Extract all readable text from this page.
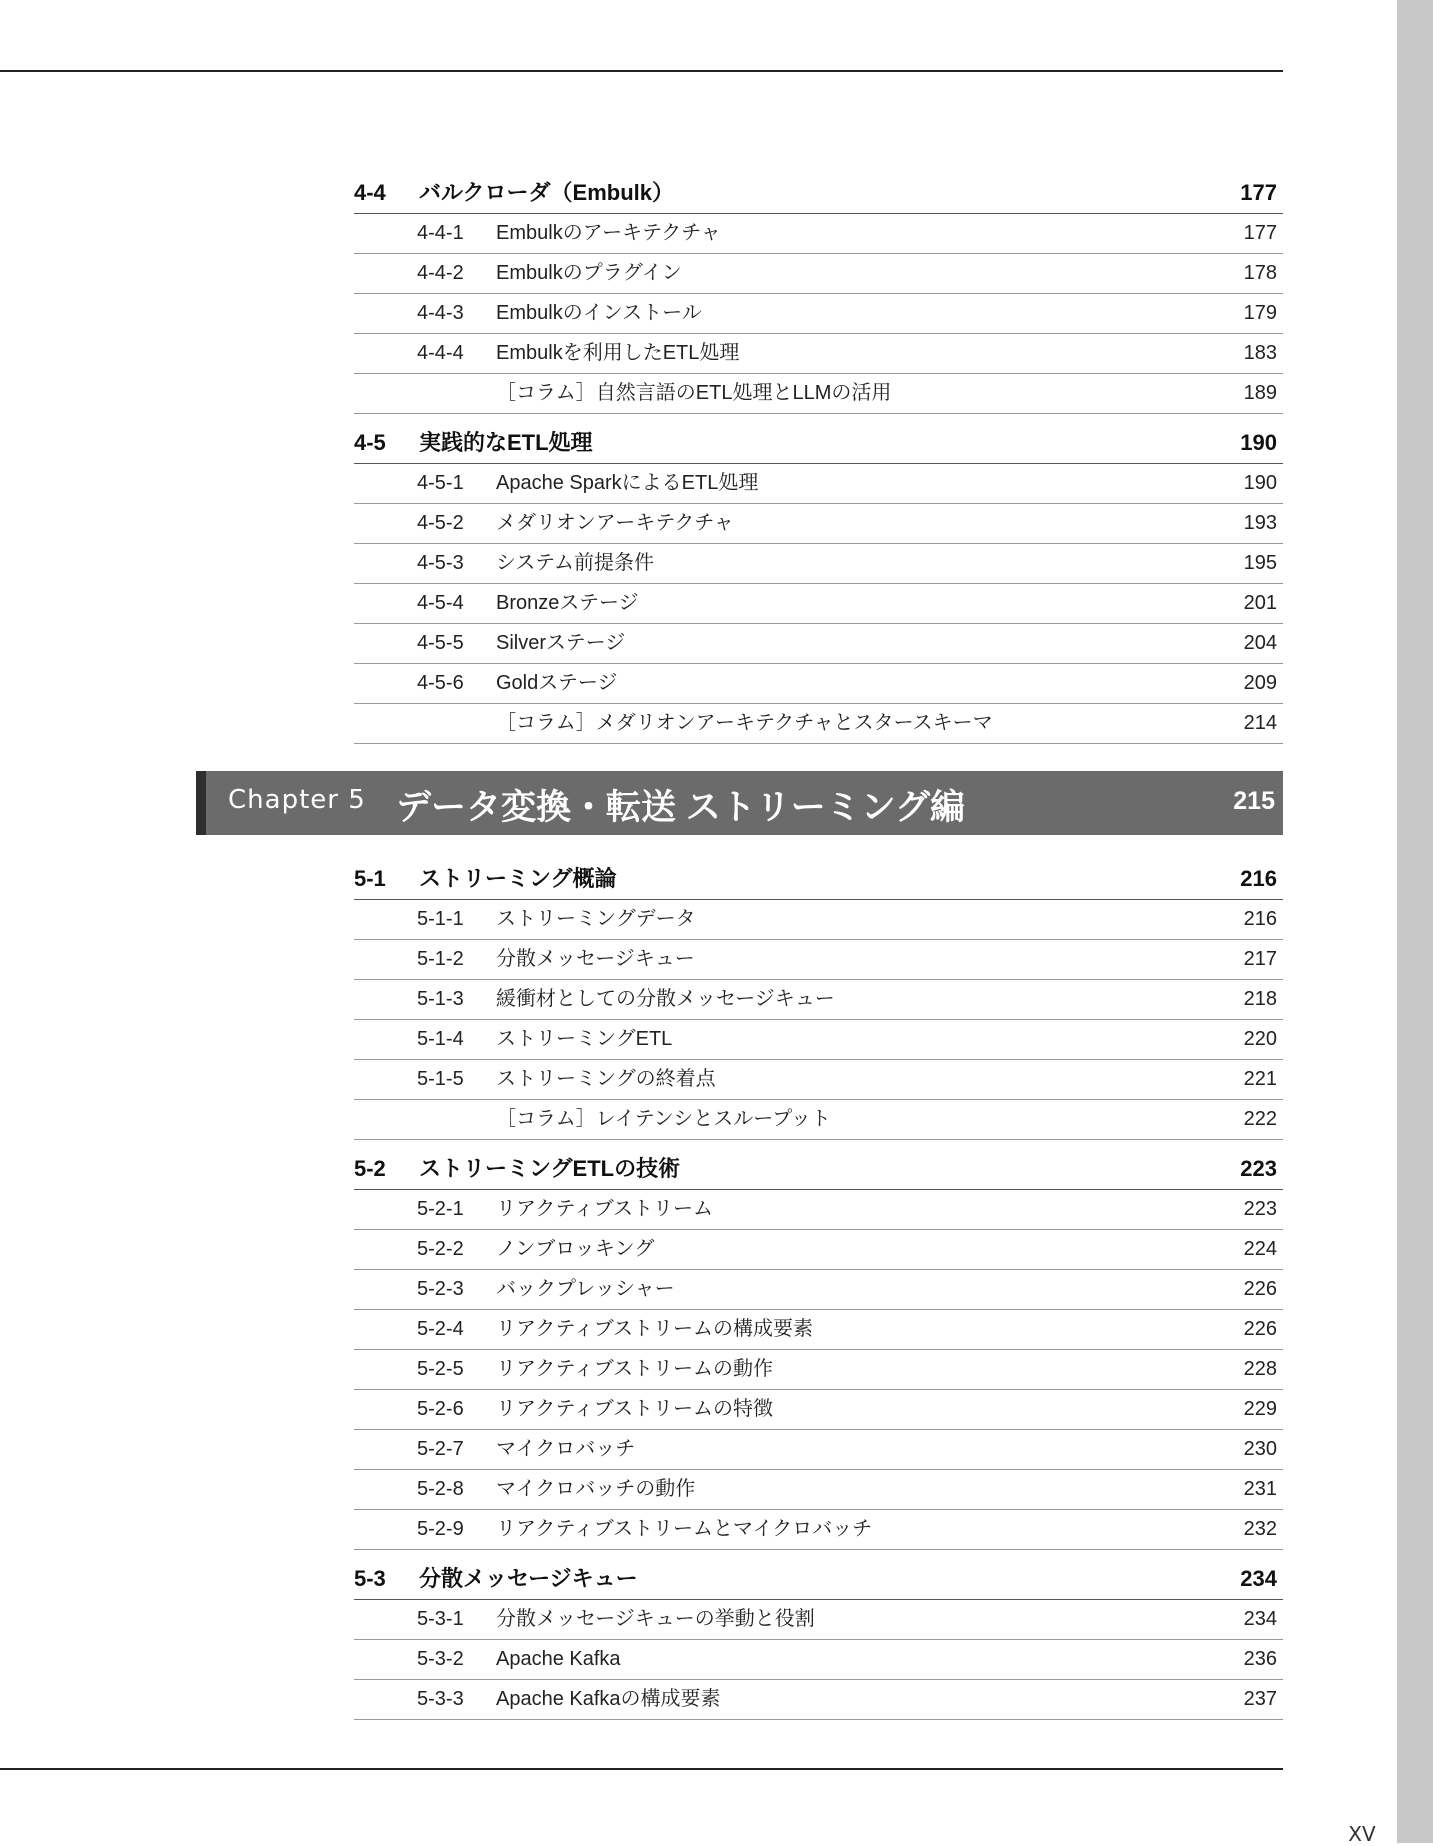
4-4 バルクローダ（Embulk）	177
4-4-1 Embulkのアーキテクチャ	177
4-4-2 Embulkのプラグイン	178
4-4-3 Embulkのインストール	179
4-4-4 Embulkを利用したETL処理	183
［コラム］自然言語のETL処理とLLMの活用	189
4-5 実践的なETL処理	190
4-5-1 Apache SparkによるETL処理	190
4-5-2 メダリオンアーキテクチャ	193
4-5-3 システム前提条件	195
4-5-4 Bronzeステージ	201
4-5-5 Silverステージ	204
4-5-6 Goldステージ	209
［コラム］メダリオンアーキテクチャとスタースキーマ	214
Chapter 5 データ変換・転送 ストリーミング編	215
5-1 ストリーミング概論	216
5-1-1 ストリーミングデータ	216
5-1-2 分散メッセージキュー	217
5-1-3 緩衝材としての分散メッセージキュー	218
5-1-4 ストリーミングETL	220
5-1-5 ストリーミングの終着点	221
［コラム］レイテンシとスループット	222
5-2 ストリーミングETLの技術	223
5-2-1 リアクティブストリーム	223
5-2-2 ノンブロッキング	224
5-2-3 バックプレッシャー	226
5-2-4 リアクティブストリームの構成要素	226
5-2-5 リアクティブストリームの動作	228
5-2-6 リアクティブストリームの特徴	229
5-2-7 マイクロバッチ	230
5-2-8 マイクロバッチの動作	231
5-2-9 リアクティブストリームとマイクロバッチ	232
5-3 分散メッセージキュー	234
5-3-1 分散メッセージキューの挙動と役割	234
5-3-2 Apache Kafka	236
5-3-3 Apache Kafkaの構成要素	237
XV
